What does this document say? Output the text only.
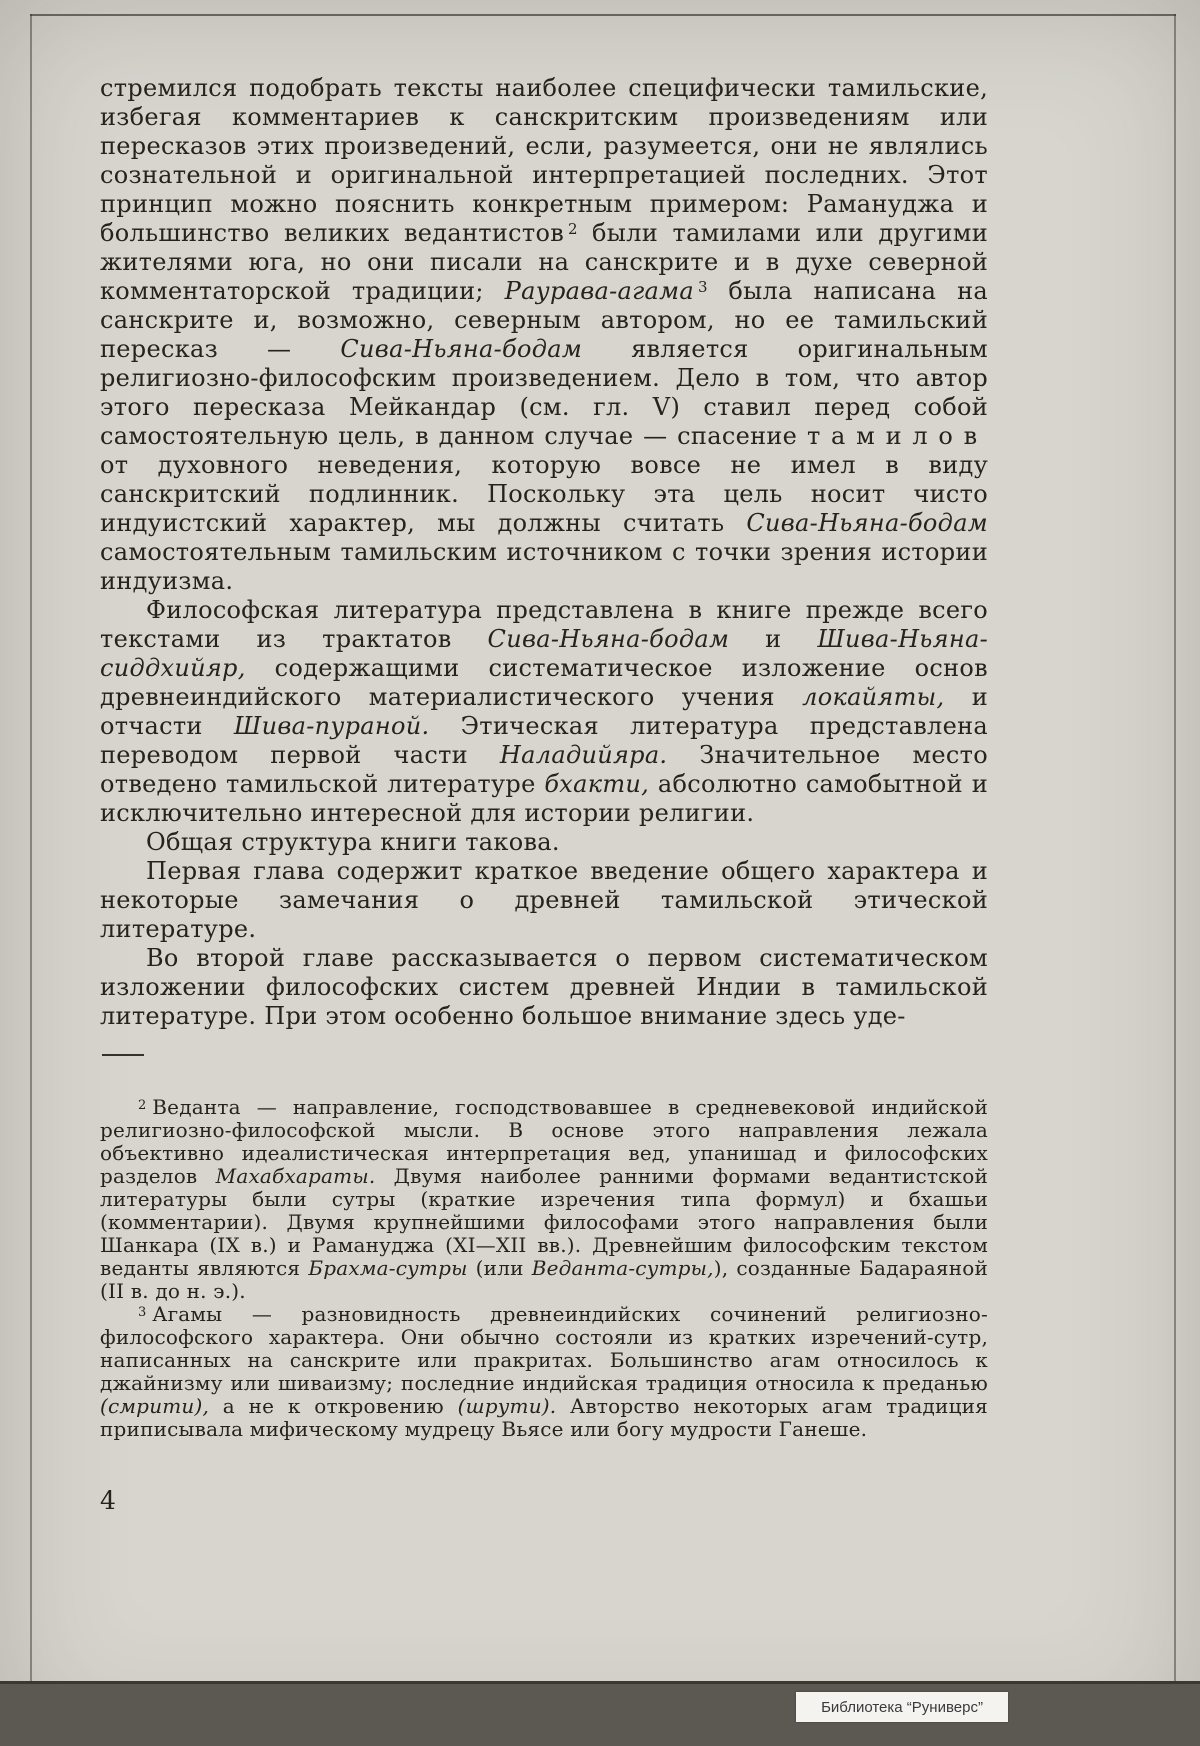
стремился подобрать тексты наиболее специфически тамильские, избегая комментариев к санскритским произведениям или пересказов этих произведений, если, разумеется, они не являлись сознательной и оригинальной интерпретацией последних. Этот принцип можно пояснить конкретным примером: Рамануджа и большинство великих ведантистов $^2$ были тамилами или другими жителями юга, но они писали на санскрите и в духе северной комментаторской традиции; Раурава-агама $^3$ была написана на санскрите и, возможно, северным автором, но ее тамильский пересказ — Сива-Ньяна-бодам является оригинальным религиозно-философским произведением. Дело в том, что автор этого пересказа Мейкандар (см. гл. V) ставил перед собой самостоятельную цель, в данном случае — спасение тамилов от духовного неведения, которую вовсе не имел в виду санскритский подлинник. Поскольку эта цель носит чисто индуистский характер, мы должны считать Сива-Ньяна-бодам самостоятельным тамильским источником с точки зрения истории индуизма.

Философская литература представлена в книге прежде всего текстами из трактатов Сива-Ньяна-бодам и Шива-Ньяна-сиддхийяр, содержащими систематическое изложение основ древнеиндийского материалистического учения локайяты, и отчасти Шива-пураной. Этическая литература представлена переводом первой части Наладийяра. Значительное место отведено тамильской литературе бхакти, абсолютно самобытной и исключительно интересной для истории религии.

Общая структура книги такова.

Первая глава содержит краткое введение общего характера и некоторые замечания о древней тамильской этической литературе.

Во второй главе рассказывается о первом систематическом изложении философских систем древней Индии в тамильской литературе. При этом особенно большое внимание здесь уде-

$^2$ Веданта — направление, господствовавшее в средневековой индийской религиозно-философской мысли. В основе этого направления лежала объективно идеалистическая интерпретация вед, упанишад и философских разделов Махабхараты. Двумя наиболее ранними формами ведантистской литературы были сутры (краткие изречения типа формул) и бхашьи (комментарии). Двумя крупнейшими философами этого направления были Шанкара (IX в.) и Рамануджа (XI—XII вв.). Древнейшим философским текстом веданты являются Брахма-сутры (или Веданта-сутры,), созданные Бадараяной (II в. до н. э.).

$^3$ Агамы — разновидность древнеиндийских сочинений религиозно-философского характера. Они обычно состояли из кратких изречений-сутр, написанных на санскрите или пракритах. Большинство агам относилось к джайнизму или шиваизму; последние индийская традиция относила к преданью (смрити), а не к откровению (шрути). Авторство некоторых агам традиция приписывала мифическому мудрецу Вьясе или богу мудрости Ганеше.

4
Библиотека “Руниверс”
